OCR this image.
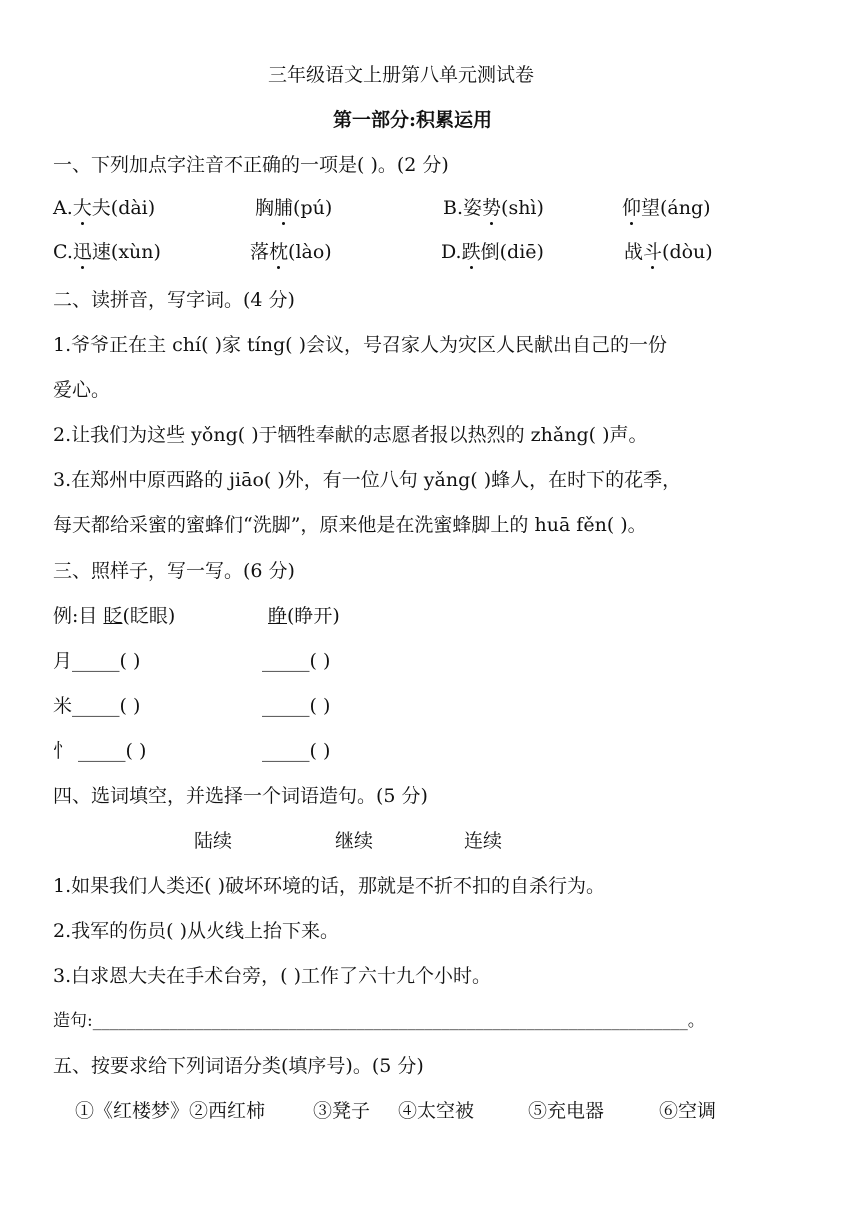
三年级语文上册第八单元测试卷
第一部分:积累运用
一、下列加点字注音不正确的一项是( )。(2 分)
A.大夫(dài)	胸脯(pú)	B.姿势(shì)	仰望(áng)
C.迅速(xùn)	落枕(lào)	D.跌倒(diē)	战斗(dòu)
二、读拼音，写字词。(4 分)
1.爷爷正在主 chí( )家 tíng( )会议，号召家人为灾区人民献出自己的一份
爱心。
2.让我们为这些 yǒng( )于牺牲奉献的志愿者报以热烈的 zhǎng( )声。
3.在郑州中原西路的 jiāo( )外，有一位八句 yǎng( )蜂人，在时下的花季，
每天都给采蜜的蜜蜂们“洗脚”，原来他是在洗蜜蜂脚上的 huā fěn( )。
三、照样子，写一写。(6 分)
例:目 眨(眨眼)	睁(睁开)
月_____( )	_____( )
米_____( )	_____( )
忄 _____( )	_____( )
四、选词填空，并选择一个词语造句。(5 分)
陆续	继续	连续
1.如果我们人类还( )破坏环境的话，那就是不折不扣的自杀行为。
2.我军的伤员( )从火线上抬下来。
3.白求恩大夫在手术台旁，( )工作了六十九个小时。
造句:______________________________________________________________________。
五、按要求给下列词语分类(填序号)。(5 分)
①《红楼梦》②西红柿	③凳子 ④太空被	⑤充电器	⑥空调
